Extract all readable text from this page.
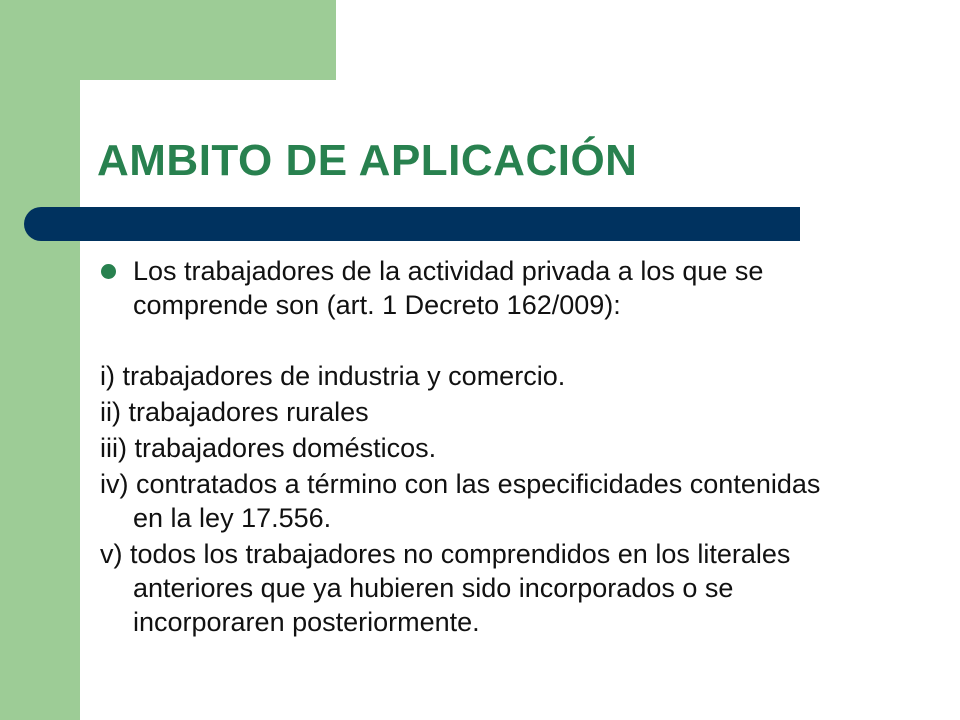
AMBITO DE APLICACIÓN
Los trabajadores de la actividad privada a los que se comprende son (art. 1 Decreto 162/009):
i) trabajadores de industria y comercio.
ii) trabajadores rurales
iii) trabajadores domésticos.
iv) contratados a término con las especificidades contenidas en la ley 17.556.
v) todos los trabajadores no comprendidos en los literales anteriores que ya hubieren sido incorporados o se incorporaren posteriormente.
